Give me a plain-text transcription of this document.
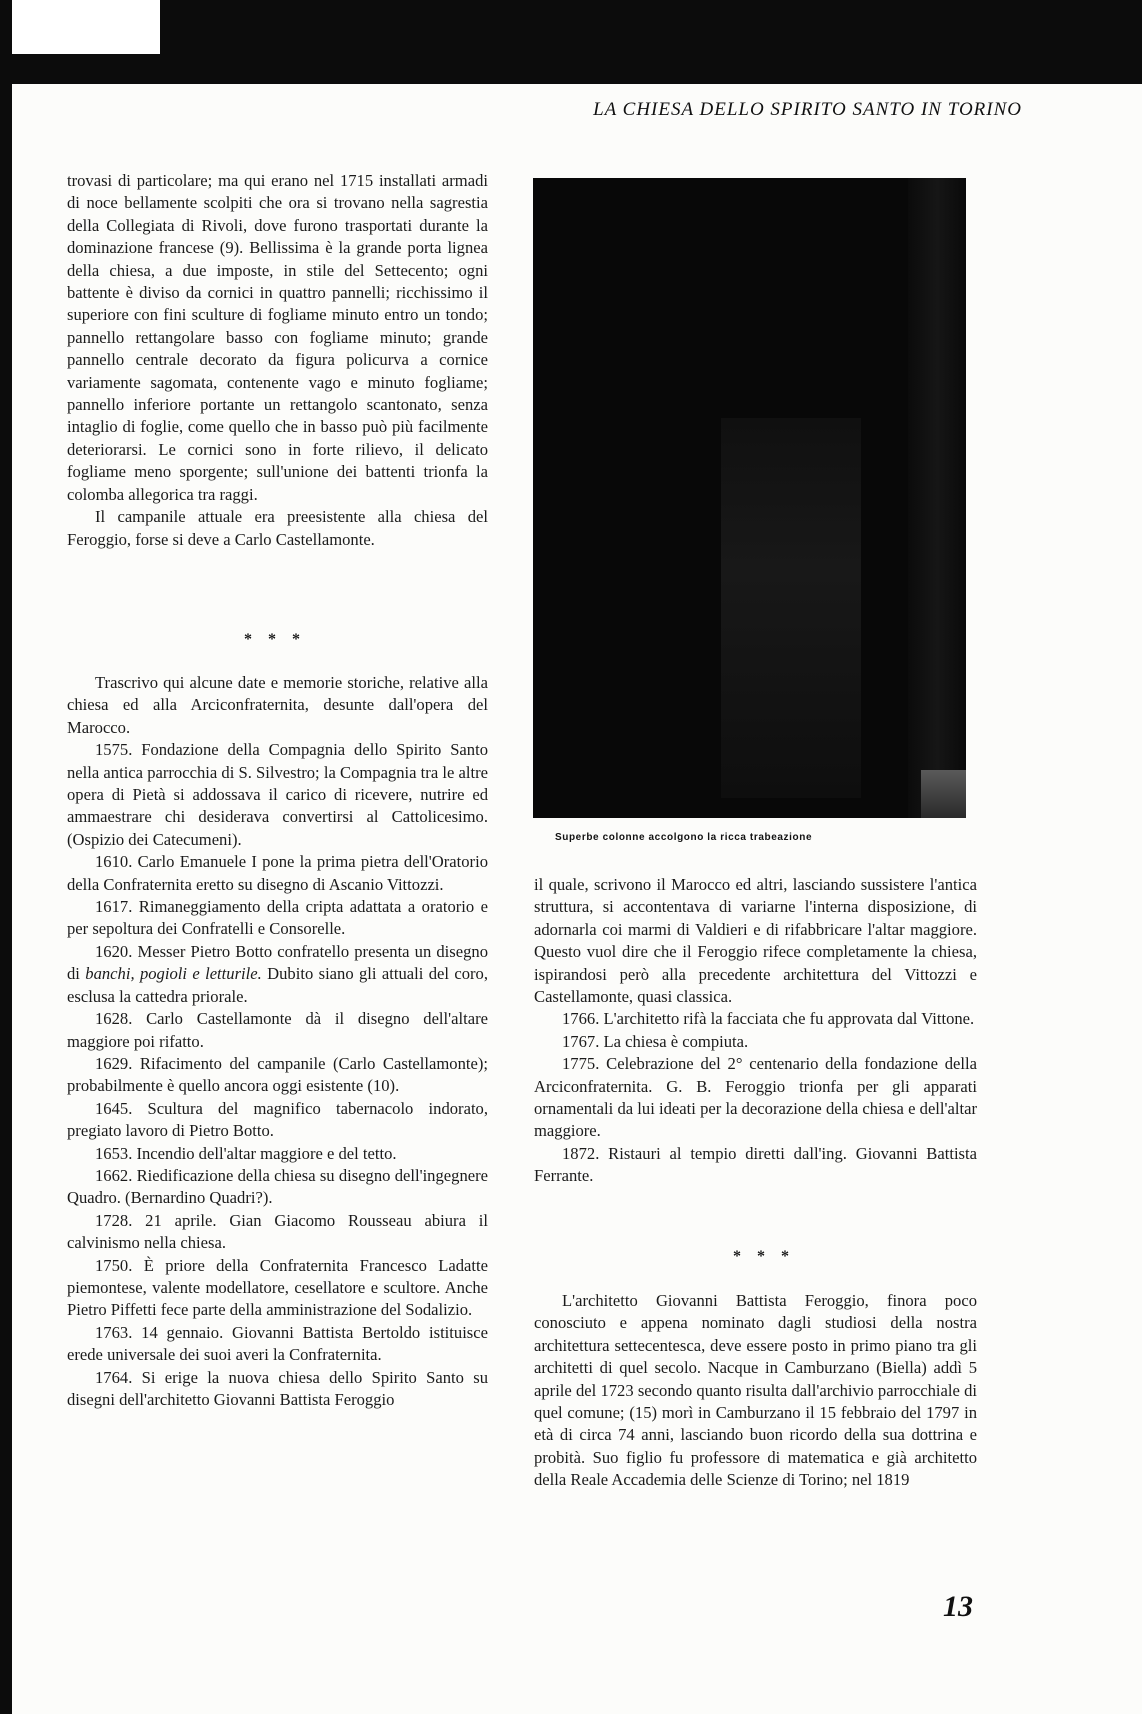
LA CHIESA DELLO SPIRITO SANTO IN TORINO

trovasi di particolare; ma qui erano nel 1715 installati armadi di noce bellamente scolpiti che ora si trovano nella sagrestia della Collegiata di Rivoli, dove furono trasportati durante la dominazione francese (9). Bellissima è la grande porta lignea della chiesa, a due imposte, in stile del Settecento; ogni battente è diviso da cornici in quattro pannelli; ricchissimo il superiore con fini sculture di fogliame minuto entro un tondo; pannello rettangolare basso con fogliame minuto; grande pannello centrale decorato da figura policurva a cornice variamente sagomata, contenente vago e minuto fogliame; pannello inferiore portante un rettangolo scantonato, senza intaglio di foglie, come quello che in basso può più facilmente deteriorarsi. Le cornici sono in forte rilievo, il delicato fogliame meno sporgente; sull'unione dei battenti trionfa la colomba allegorica tra raggi.

Il campanile attuale era preesistente alla chiesa del Feroggio, forse si deve a Carlo Castellamonte.

* * *

Trascrivo qui alcune date e memorie storiche, relative alla chiesa ed alla Arciconfraternita, desunte dall'opera del Marocco.

1575. Fondazione della Compagnia dello Spirito Santo nella antica parrocchia di S. Silvestro; la Compagnia tra le altre opera di Pietà si addossava il carico di ricevere, nutrire ed ammaestrare chi desiderava convertirsi al Cattolicesimo. (Ospizio dei Catecumeni).

1610. Carlo Emanuele I pone la prima pietra dell'Oratorio della Confraternita eretto su disegno di Ascanio Vittozzi.

1617. Rimaneggiamento della cripta adattata a oratorio e per sepoltura dei Confratelli e Consorelle.

1620. Messer Pietro Botto confratello presenta un disegno di banchi, pogioli e letturile. Dubito siano gli attuali del coro, esclusa la cattedra priorale.

1628. Carlo Castellamonte dà il disegno dell'altare maggiore poi rifatto.

1629. Rifacimento del campanile (Carlo Castellamonte); probabilmente è quello ancora oggi esistente (10).

1645. Scultura del magnifico tabernacolo indorato, pregiato lavoro di Pietro Botto.

1653. Incendio dell'altar maggiore e del tetto.

1662. Riedificazione della chiesa su disegno dell'ingegnere Quadro. (Bernardino Quadri?).

1728. 21 aprile. Gian Giacomo Rousseau abiura il calvinismo nella chiesa.

1750. È priore della Confraternita Francesco Ladatte piemontese, valente modellatore, cesellatore e scultore. Anche Pietro Piffetti fece parte della amministrazione del Sodalizio.

1763. 14 gennaio. Giovanni Battista Bertoldo istituisce erede universale dei suoi averi la Confraternita.

1764. Si erige la nuova chiesa dello Spirito Santo su disegni dell'architetto Giovanni Battista Feroggio

Superbe colonne accolgono la ricca trabeazione

il quale, scrivono il Marocco ed altri, lasciando sussistere l'antica struttura, si accontentava di variarne l'interna disposizione, di adornarla coi marmi di Valdieri e di rifabbricare l'altar maggiore. Questo vuol dire che il Feroggio rifece completamente la chiesa, ispirandosi però alla precedente architettura del Vittozzi e Castellamonte, quasi classica.

1766. L'architetto rifà la facciata che fu approvata dal Vittone.

1767. La chiesa è compiuta.

1775. Celebrazione del 2° centenario della fondazione della Arciconfraternita. G. B. Feroggio trionfa per gli apparati ornamentali da lui ideati per la decorazione della chiesa e dell'altar maggiore.

1872. Ristauri al tempio diretti dall'ing. Giovanni Battista Ferrante.

* * *

L'architetto Giovanni Battista Feroggio, finora poco conosciuto e appena nominato dagli studiosi della nostra architettura settecentesca, deve essere posto in primo piano tra gli architetti di quel secolo. Nacque in Camburzano (Biella) addì 5 aprile del 1723 secondo quanto risulta dall'archivio parrocchiale di quel comune; (15) morì in Camburzano il 15 febbraio del 1797 in età di circa 74 anni, lasciando buon ricordo della sua dottrina e probità. Suo figlio fu professore di matematica e già architetto della Reale Accademia delle Scienze di Torino; nel 1819

13
